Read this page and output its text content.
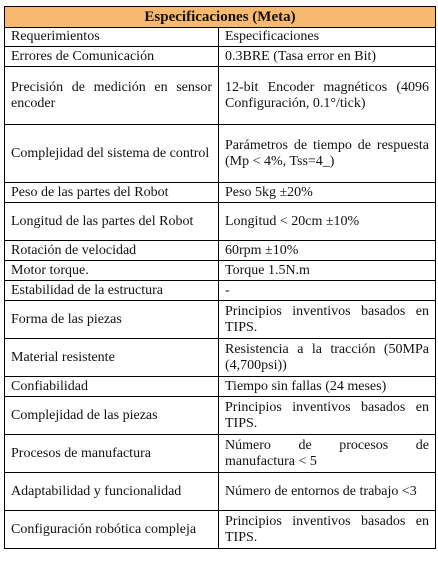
Especificaciones (Meta)	
Requerimientos	Especificaciones
Errores de Comunicación	0.3BRE (Tasa error en Bit)
Precisión de medición en sensor encoder	12-bit Encoder magnéticos (4096 Configuración, 0.1°/tick)
Complejidad del sistema de control	Parámetros de tiempo de respuesta (Mp < 4%, Tss=4_)
Peso de las partes del Robot	Peso 5kg ±20%
Longitud de las partes del Robot	Longitud < 20cm ±10%
Rotación de velocidad	60rpm ±10%
Motor torque.	Torque 1.5N.m
Estabilidad de la estructura	-
Forma de las piezas	Principios inventivos basados en TIPS.
Material resistente	Resistencia a la tracción (50MPa (4,700psi))
Confiabilidad	Tiempo sin fallas (24 meses)
Complejidad de las piezas	Principios inventivos basados en TIPS.
Procesos de manufactura	Número de procesos de manufactura < 5
Adaptabilidad y funcionalidad	Número de entornos de trabajo <3
Configuración robótica compleja	Principios inventivos basados en TIPS.
